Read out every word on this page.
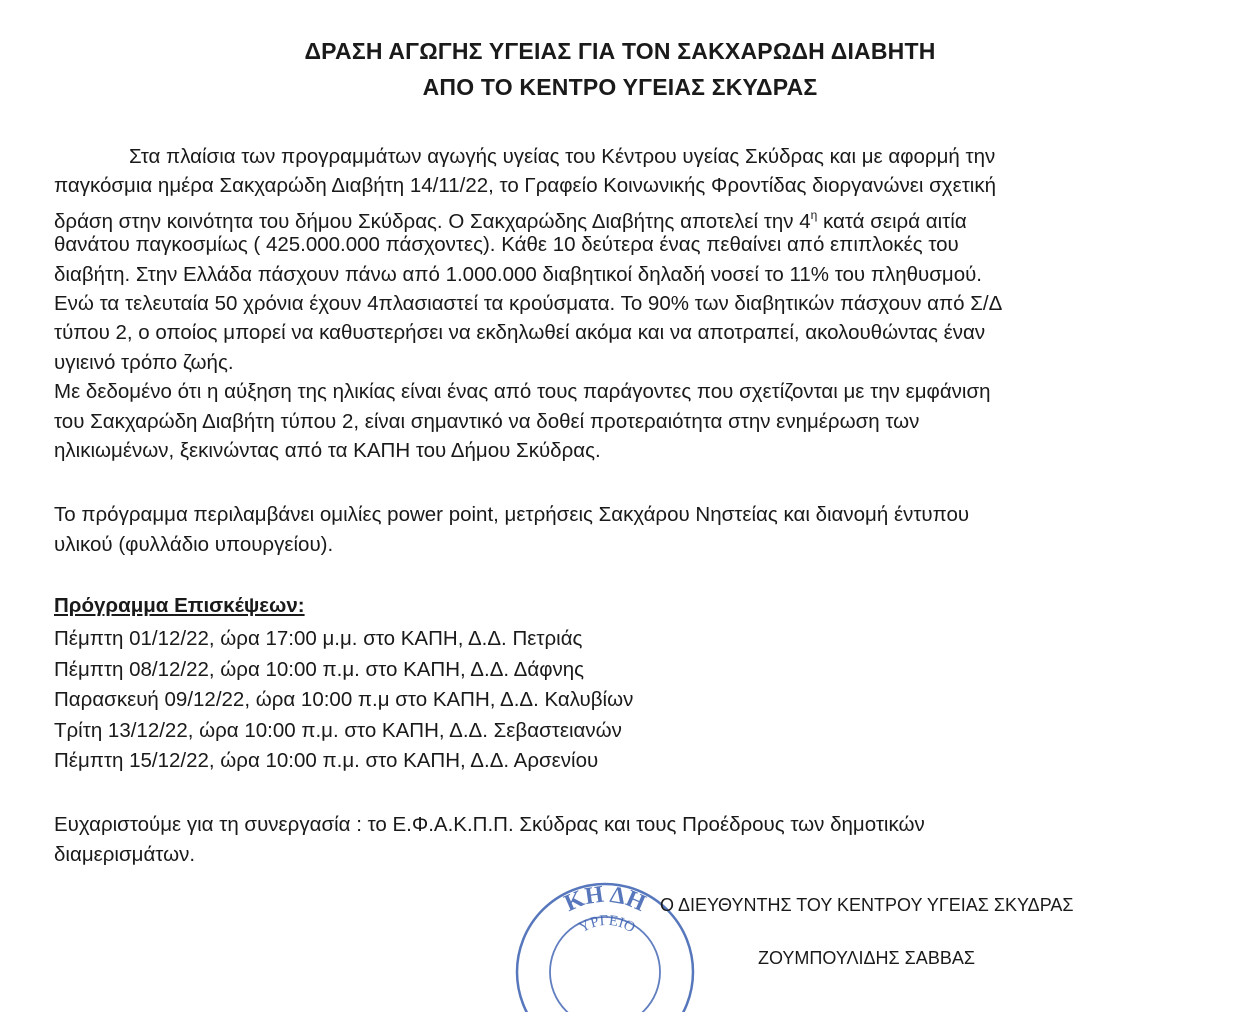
ΔΡΑΣΗ ΑΓΩΓΗΣ ΥΓΕΙΑΣ ΓΙΑ ΤΟΝ ΣΑΚΧΑΡΩΔΗ ΔΙΑΒΗΤΗ
ΑΠΟ ΤΟ ΚΕΝΤΡΟ ΥΓΕΙΑΣ ΣΚΥΔΡΑΣ
Στα πλαίσια των προγραμμάτων αγωγής υγείας του Κέντρου υγείας Σκύδρας και με αφορμή την
παγκόσμια ημέρα Σακχαρώδη Διαβήτη 14/11/22, το Γραφείο Κοινωνικής Φροντίδας διοργανώνει σχετική
δράση στην κοινότητα του δήμου Σκύδρας. Ο Σακχαρώδης Διαβήτης αποτελεί την $4^\eta$ κατά σειρά αιτία
θανάτου παγκοσμίως ( 425.000.000 πάσχοντες). Κάθε 10 δεύτερα ένας πεθαίνει από επιπλοκές του
διαβήτη. Στην Ελλάδα πάσχουν πάνω από 1.000.000 διαβητικοί δηλαδή νοσεί το 11% του πληθυσμού.
Ενώ τα τελευταία 50 χρόνια έχουν 4πλασιαστεί τα κρούσματα. Το 90% των διαβητικών πάσχουν από Σ/Δ
τύπου 2, ο οποίος μπορεί να καθυστερήσει να εκδηλωθεί ακόμα και να αποτραπεί, ακολουθώντας έναν
υγιεινό τρόπο ζωής.
Με δεδομένο ότι η αύξηση της ηλικίας είναι ένας από τους παράγοντες που σχετίζονται με την εμφάνιση
του Σακχαρώδη Διαβήτη τύπου 2, είναι σημαντικό να δοθεί προτεραιότητα στην ενημέρωση των
ηλικιωμένων, ξεκινώντας από τα ΚΑΠΗ του Δήμου Σκύδρας.
Το πρόγραμμα περιλαμβάνει ομιλίες power point, μετρήσεις Σακχάρου Νηστείας και διανομή έντυπου
υλικού (φυλλάδιο υπουργείου).
Πρόγραμμα Επισκέψεων:
Πέμπτη 01/12/22, ώρα 17:00 μ.μ. στο ΚΑΠΗ, Δ.Δ. Πετριάς
Πέμπτη 08/12/22, ώρα 10:00 π.μ. στο ΚΑΠΗ, Δ.Δ. Δάφνης
Παρασκευή 09/12/22, ώρα 10:00 π.μ στο ΚΑΠΗ, Δ.Δ. Καλυβίων
Τρίτη 13/12/22, ώρα 10:00 π.μ. στο ΚΑΠΗ, Δ.Δ. Σεβαστειανών
Πέμπτη 15/12/22, ώρα 10:00 π.μ. στο ΚΑΠΗ, Δ.Δ. Αρσενίου
Ευχαριστούμε για τη συνεργασία : το Ε.Φ.Α.Κ.Π.Π. Σκύδρας και τους Προέδρους των δημοτικών
διαμερισμάτων.
ΚΗ ΔΗ
ΥΡΓΕΙΟ
Ο ΔΙΕΥΘΥΝΤΗΣ ΤΟΥ ΚΕΝΤΡΟΥ ΥΓΕΙΑΣ ΣΚΥΔΡΑΣ
ΖΟΥΜΠΟΥΛΙΔΗΣ ΣΑΒΒΑΣ
